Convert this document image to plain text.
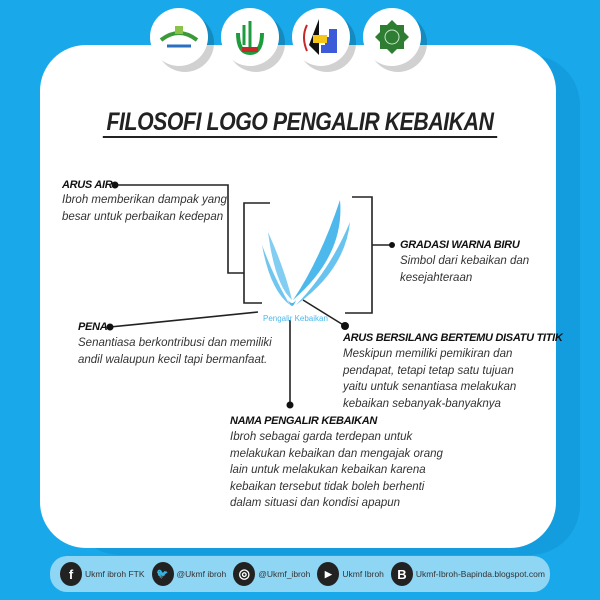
FILOSOFI LOGO PENGALIR KEBAIKAN
Pengalir Kebaikan
ARUS AIR
Ibroh memberikan dampak yang
besar untuk perbaikan kedepan
GRADASI WARNA BIRU
Simbol dari kebaikan dan
kesejahteraan
PENA
Senantiasa berkontribusi dan memiliki
andil walaupun kecil tapi bermanfaat.
ARUS BERSILANG BERTEMU DISATU TITIK
Meskipun memiliki pemikiran dan
pendapat, tetapi tetap satu tujuan
yaitu untuk senantiasa melakukan
kebaikan sebanyak-banyaknya
NAMA PENGALIR KEBAIKAN
Ibroh sebagai garda terdepan untuk
melakukan kebaikan dan mengajak orang
lain untuk melakukan kebaikan karena
kebaikan tersebut tidak boleh berhenti
dalam situasi dan kondisi apapun
f	Ukmf ibroh FTK	🐦 @Ukmf ibroh ◎ @Ukmf_ibroh	▶	Ukmf Ibroh	B	Ukmf-Ibroh-Bapinda.blogspot.com
